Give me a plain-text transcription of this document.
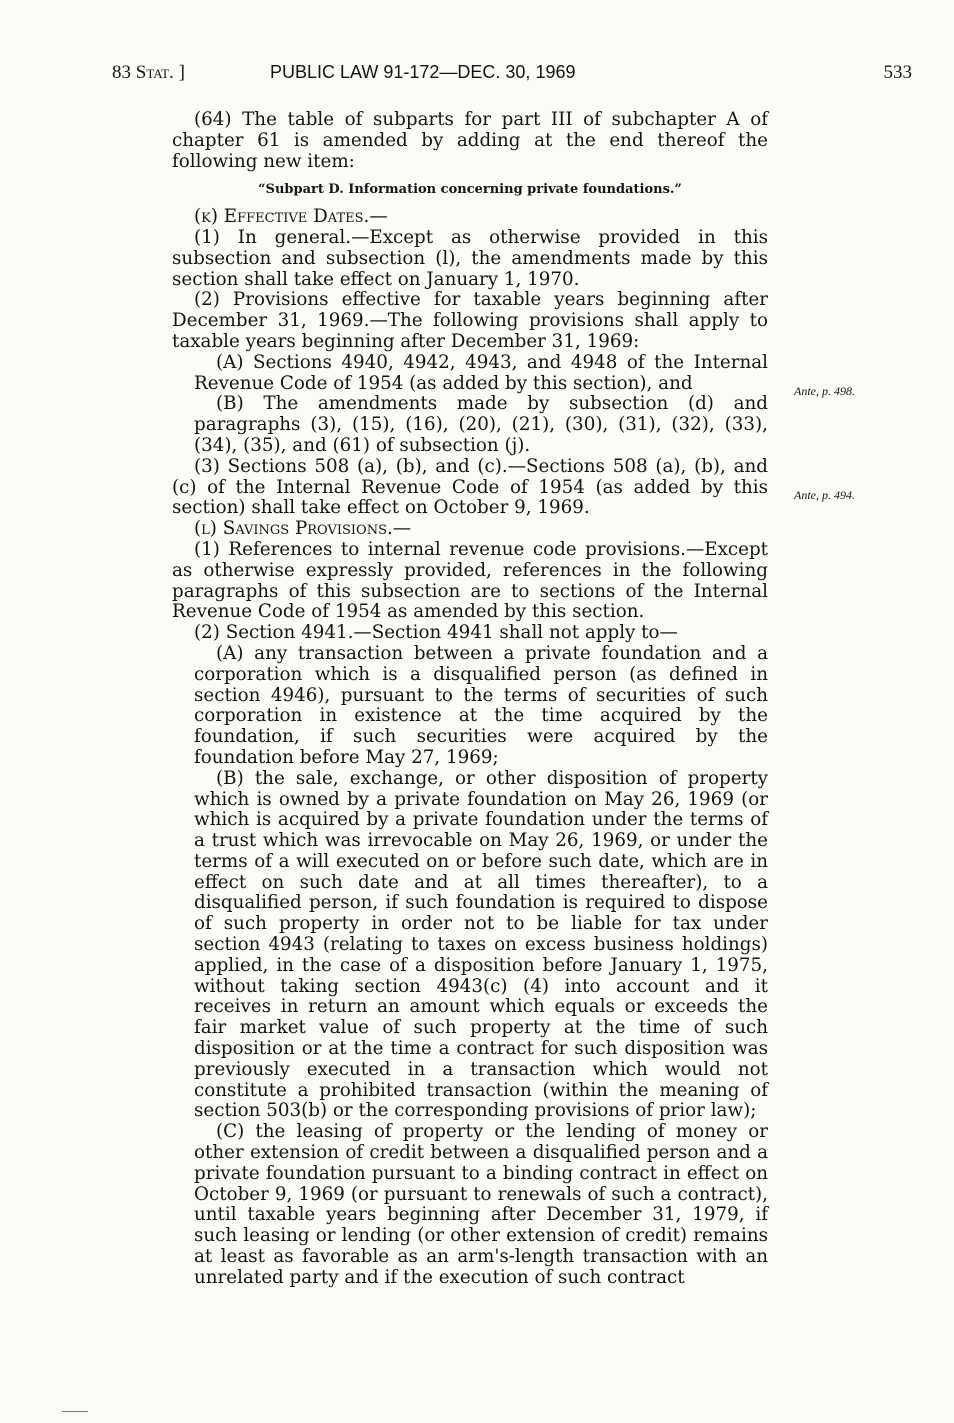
83 Stat. ]	PUBLIC LAW 91-172—DEC. 30, 1969	533

(64) The table of subparts for part III of subchapter A of chapter 61 is amended by adding at the end thereof the following new item:

“Subpart D. Information concerning private foundations.”

(k) Effective Dates.—

(1) In general.—Except as otherwise provided in this subsection and subsection (l), the amendments made by this section shall take effect on January 1, 1970.

(2) Provisions effective for taxable years beginning after December 31, 1969.—The following provisions shall apply to taxable years beginning after December 31, 1969:

(A) Sections 4940, 4942, 4943, and 4948 of the Internal Revenue Code of 1954 (as added by this section), and

(B) The amendments made by subsection (d) and paragraphs (3), (15), (16), (20), (21), (30), (31), (32), (33), (34), (35), and (61) of subsection (j).

(3) Sections 508 (a), (b), and (c).—Sections 508 (a), (b), and (c) of the Internal Revenue Code of 1954 (as added by this section) shall take effect on October 9, 1969.

(l) Savings Provisions.—

(1) References to internal revenue code provisions.—Except as otherwise expressly provided, references in the following paragraphs of this subsection are to sections of the Internal Revenue Code of 1954 as amended by this section.

(2) Section 4941.—Section 4941 shall not apply to—

(A) any transaction between a private foundation and a corporation which is a disqualified person (as defined in section 4946), pursuant to the terms of securities of such corporation in existence at the time acquired by the foundation, if such securities were acquired by the foundation before May 27, 1969;

(B) the sale, exchange, or other disposition of property which is owned by a private foundation on May 26, 1969 (or which is acquired by a private foundation under the terms of a trust which was irrevocable on May 26, 1969, or under the terms of a will executed on or before such date, which are in effect on such date and at all times thereafter), to a disqualified person, if such foundation is required to dispose of such property in order not to be liable for tax under section 4943 (relating to taxes on excess business holdings) applied, in the case of a disposition before January 1, 1975, without taking section 4943(c) (4) into account and it receives in return an amount which equals or exceeds the fair market value of such property at the time of such disposition or at the time a contract for such disposition was previously executed in a transaction which would not constitute a prohibited transaction (within the meaning of section 503(b) or the corresponding provisions of prior law);

(C) the leasing of property or the lending of money or other extension of credit between a disqualified person and a private foundation pursuant to a binding contract in effect on October 9, 1969 (or pursuant to renewals of such a contract), until taxable years beginning after December 31, 1979, if such leasing or lending (or other extension of credit) remains at least as favorable as an arm's-length transaction with an unrelated party and if the execution of such contract

Ante, p. 498.
Ante, p. 494.
